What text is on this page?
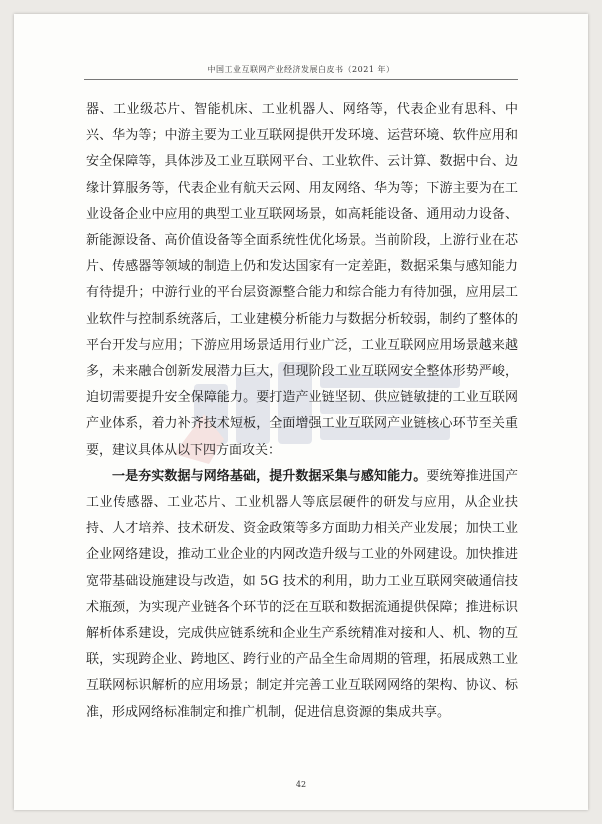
中国工业互联网产业经济发展白皮书（2021 年）

器、工业级芯片、智能机床、工业机器人、网络等，代表企业有思科、中兴、华为等；中游主要为工业互联网提供开发环境、运营环境、软件应用和安全保障等，具体涉及工业互联网平台、工业软件、云计算、数据中台、边缘计算服务等，代表企业有航天云网、用友网络、华为等；下游主要为在工业设备企业中应用的典型工业互联网场景，如高耗能设备、通用动力设备、新能源设备、高价值设备等全面系统性优化场景。当前阶段，上游行业在芯片、传感器等领域的制造上仍和发达国家有一定差距，数据采集与感知能力有待提升；中游行业的平台层资源整合能力和综合能力有待加强，应用层工业软件与控制系统落后，工业建模分析能力与数据分析较弱，制约了整体的平台开发与应用；下游应用场景适用行业广泛，工业互联网应用场景越来越多，未来融合创新发展潜力巨大，但现阶段工业互联网安全整体形势严峻，迫切需要提升安全保障能力。要打造产业链坚韧、供应链敏捷的工业互联网产业体系，着力补齐技术短板，全面增强工业互联网产业链核心环节至关重要，建议具体从以下四方面攻关：

一是夯实数据与网络基础，提升数据采集与感知能力。要统筹推进国产工业传感器、工业芯片、工业机器人等底层硬件的研发与应用，从企业扶持、人才培养、技术研发、资金政策等多方面助力相关产业发展；加快工业企业网络建设，推动工业企业的内网改造升级与工业的外网建设。加快推进宽带基础设施建设与改造，如 5G 技术的利用，助力工业互联网突破通信技术瓶颈，为实现产业链各个环节的泛在互联和数据流通提供保障；推进标识解析体系建设，完成供应链系统和企业生产系统精准对接和人、机、物的互联，实现跨企业、跨地区、跨行业的产品全生命周期的管理，拓展成熟工业互联网标识解析的应用场景；制定并完善工业互联网网络的架构、协议、标准，形成网络标准制定和推广机制，促进信息资源的集成共享。

42
